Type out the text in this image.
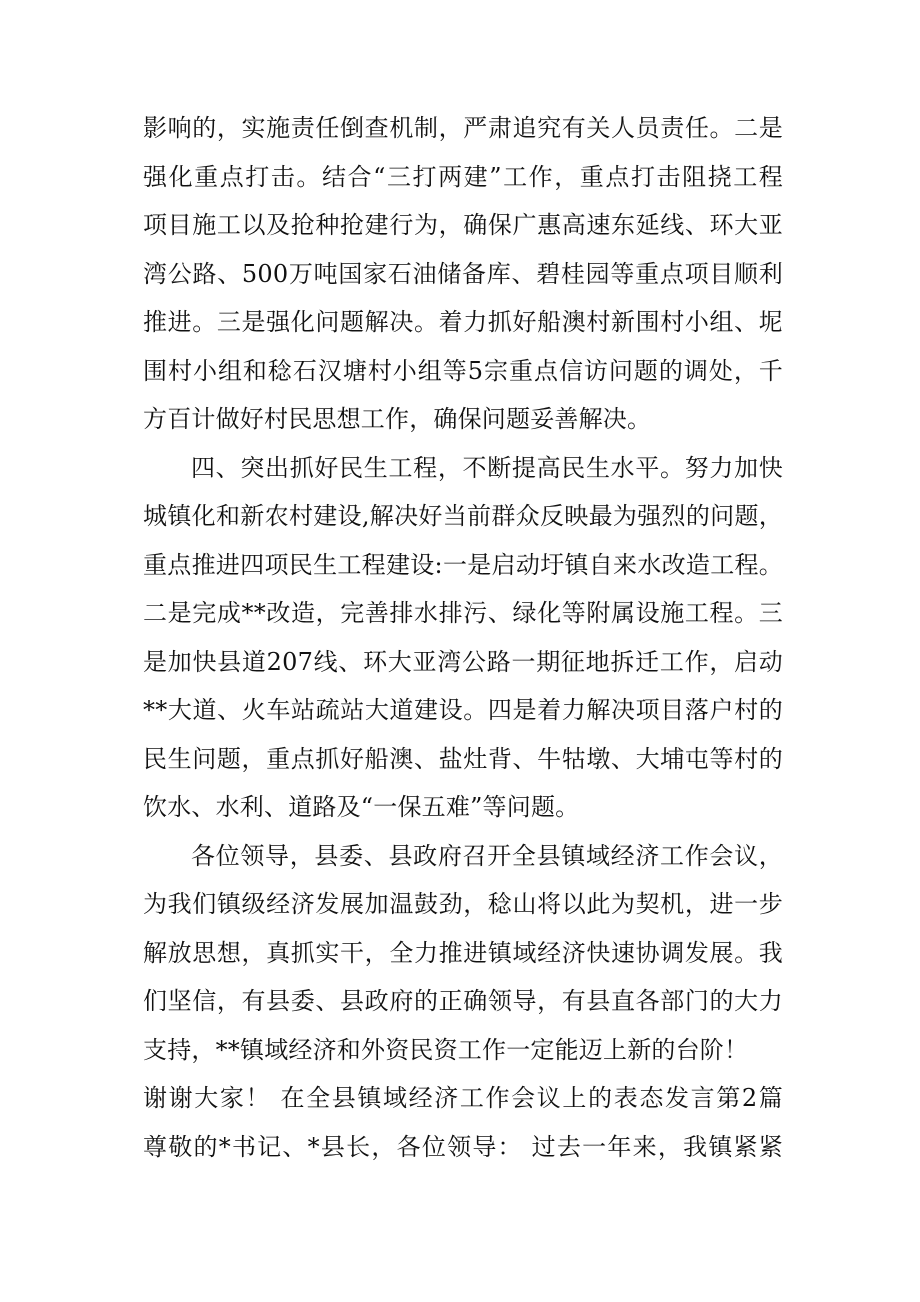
影响的，实施责任倒查机制，严肃追究有关人员责任。二是
强化重点打击。结合“三打两建”工作，重点打击阻挠工程
项目施工以及抢种抢建行为，确保广惠高速东延线、环大亚
湾公路、500万吨国家石油储备库、碧桂园等重点项目顺利
推进。三是强化问题解决。着力抓好船澳村新围村小组、坭
围村小组和稔石汉塘村小组等5宗重点信访问题的调处，千
方百计做好村民思想工作，确保问题妥善解决。
四、突出抓好民生工程，不断提高民生水平。努力加快
城镇化和新农村建设,解决好当前群众反映最为强烈的问题，
重点推进四项民生工程建设:一是启动圩镇自来水改造工程。
二是完成**改造，完善排水排污、绿化等附属设施工程。三
是加快县道207线、环大亚湾公路一期征地拆迁工作，启动
**大道、火车站疏站大道建设。四是着力解决项目落户村的
民生问题，重点抓好船澳、盐灶背、牛牯墩、大埔屯等村的
饮水、水利、道路及“一保五难”等问题。
各位领导，县委、县政府召开全县镇域经济工作会议，
为我们镇级经济发展加温鼓劲，稔山将以此为契机，进一步
解放思想，真抓实干，全力推进镇域经济快速协调发展。我
们坚信，有县委、县政府的正确领导，有县直各部门的大力
支持，**镇域经济和外资民资工作一定能迈上新的台阶！
谢谢大家！ 在全县镇域经济工作会议上的表态发言第2篇
尊敬的*书记、*县长，各位领导： 过去一年来，我镇紧紧
